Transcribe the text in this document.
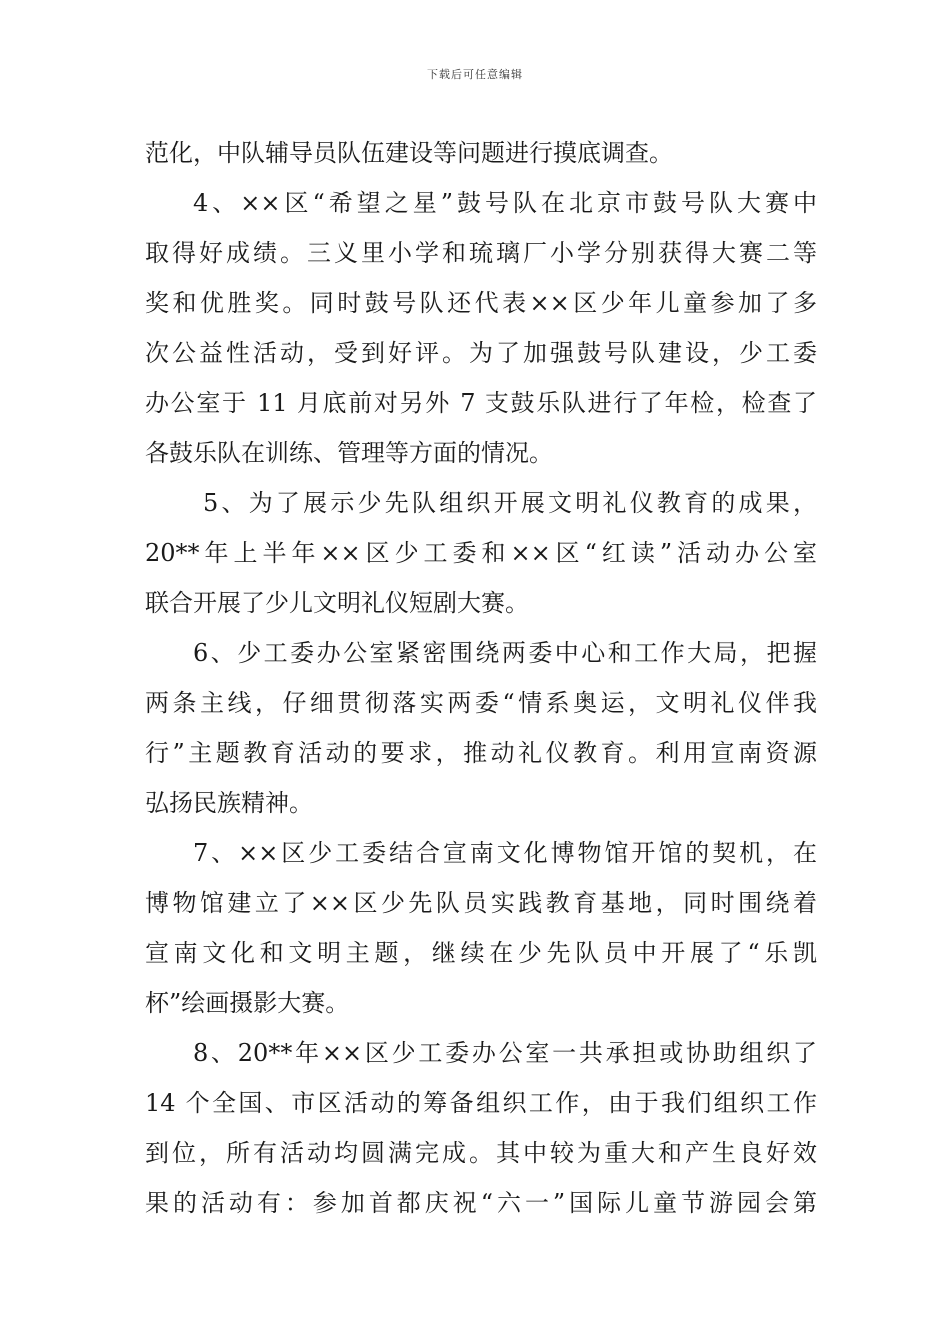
下载后可任意编辑

范化，中队辅导员队伍建设等问题进行摸底调查。

4、××区“希望之星”鼓号队在北京市鼓号队大赛中
取得好成绩。三义里小学和琉璃厂小学分别获得大赛二等
奖和优胜奖。同时鼓号队还代表××区少年儿童参加了多
次公益性活动，受到好评。为了加强鼓号队建设，少工委
办公室于 11 月底前对另外 7 支鼓乐队进行了年检，检查了
各鼓乐队在训练、管理等方面的情况。

5、为了展示少先队组织开展文明礼仪教育的成果，
20**年上半年××区少工委和××区“红读”活动办公室
联合开展了少儿文明礼仪短剧大赛。

6、少工委办公室紧密围绕两委中心和工作大局，把握
两条主线，仔细贯彻落实两委“情系奥运，文明礼仪伴我
行”主题教育活动的要求，推动礼仪教育。利用宣南资源
弘扬民族精神。

7、××区少工委结合宣南文化博物馆开馆的契机，在
博物馆建立了××区少先队员实践教育基地，同时围绕着
宣南文化和文明主题，继续在少先队员中开展了“乐凯
杯”绘画摄影大赛。

8、20**年××区少工委办公室一共承担或协助组织了
14 个全国、市区活动的筹备组织工作，由于我们组织工作
到位，所有活动均圆满完成。其中较为重大和产生良好效
果的活动有：参加首都庆祝“六一”国际儿童节游园会第
